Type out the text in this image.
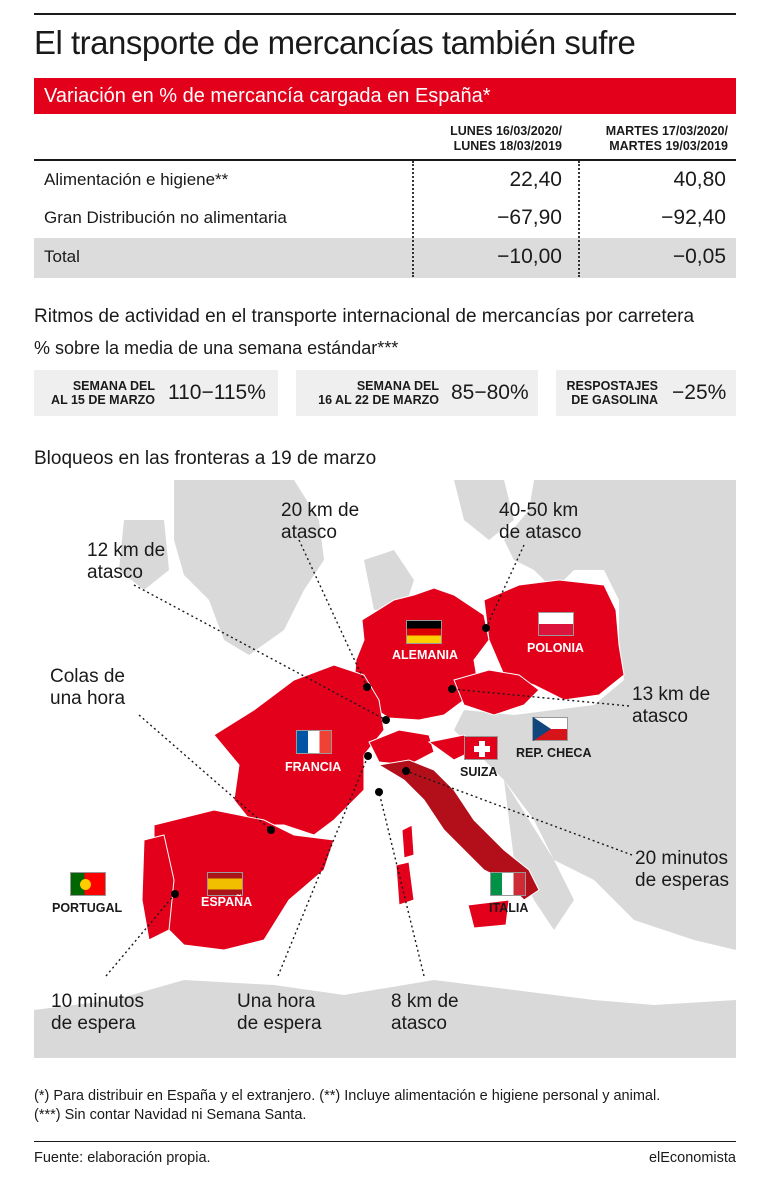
El transporte de mercancías también sufre
Variación en % de mercancía cargada en España*
LUNES 16/03/2020/
LUNES 18/03/2019
MARTES 17/03/2020/
MARTES 19/03/2019
Alimentación e higiene**	22,40	40,80
Gran Distribución no alimentaria	−67,90	−92,40
Total	−10,00	−0,05
Ritmos de actividad en el transporte internacional de mercancías por carretera
% sobre la media de una semana estándar***
SEMANA DEL
AL 15 DE MARZO 110−115%	SEMANA DEL
16 AL 22 DE MARZO 85−80%	RESPOSTAJES
DE GASOLINA −25%
Bloqueos en las fronteras a 19 de marzo
20 km de
atasco
40-50 km
de atasco
12 km de
atasco
Colas de
una hora	13 km de
atasco
20 minutos
de esperas
10 minutos
de espera
Una hora
de espera
8 km de
atasco
ALEMANIA	POLONIA
FRANCIA	SUIZA
REP. CHECA
PORTUGAL	ESPAÑA	ITALIA
(*) Para distribuir en España y el extranjero. (**) Incluye alimentación e higiene personal y animal.
(***) Sin contar Navidad ni Semana Santa.
Fuente: elaboración propia.	elEconomista
